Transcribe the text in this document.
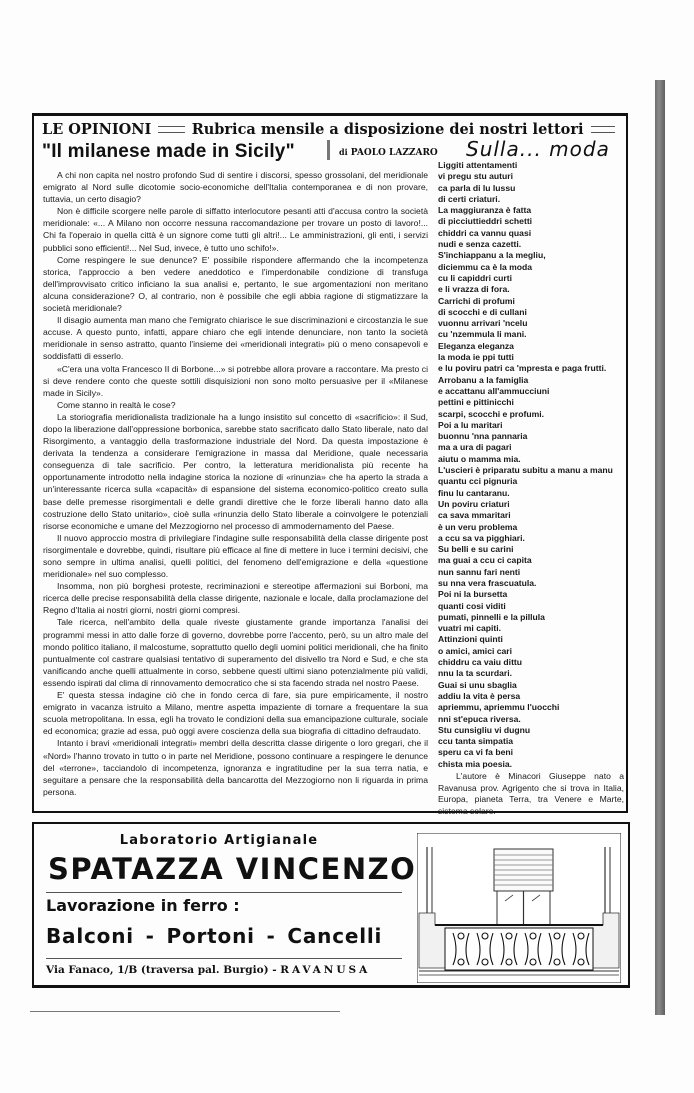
LE OPINIONI	Rubrica mensile a disposizione dei nostri lettori
"Il milanese made in Sicily"	di PAOLO LAZZARO Sulla... moda

A chi non capita nel nostro profondo Sud di sentire i discorsi, spesso grossolani, del meridionale emigrato al Nord sulle dicotomie socio-economiche dell'Italia contemporanea e di non provare, tuttavia, un certo disagio?

Non è difficile scorgere nelle parole di siffatto interlocutore pesanti atti d'accusa contro la società meridionale: «... A Milano non occorre nessuna raccomandazione per trovare un posto di lavoro!... Chi fa l'operaio in quella città è un signore come tutti gli altri!... Le amministrazioni, gli enti, i servizi pubblici sono efficienti!... Nel Sud, invece, è tutto uno schifo!».

Come respingere le sue denunce? E' possibile rispondere affermando che la incompetenza storica, l'approccio a ben vedere aneddotico e l'imperdonabile condizione di transfuga dell'improvvisato critico inficiano la sua analisi e, pertanto, le sue argomentazioni non meritano alcuna considerazione? O, al contrario, non è possibile che egli abbia ragione di stigmatizzare la società meridionale?

Il disagio aumenta man mano che l'emigrato chiarisce le sue discriminazioni e circostanzia le sue accuse. A questo punto, infatti, appare chiaro che egli intende denunciare, non tanto la società meridionale in senso astratto, quanto l'insieme dei «meridionali integrati» più o meno consapevoli e soddisfatti di esserlo.

«C'era una volta Francesco II di Borbone...» si potrebbe allora provare a raccontare. Ma presto ci si deve rendere conto che queste sottili disquisizioni non sono molto persuasive per il «Milanese made in Sicily».

Come stanno in realtà le cose?

La storiografia meridionalista tradizionale ha a lungo insistito sul concetto di «sacrificio»: il Sud, dopo la liberazione dall'oppressione borbonica, sarebbe stato sacrificato dallo Stato liberale, nato dal Risorgimento, a vantaggio della trasformazione industriale del Nord. Da questa impostazione è derivata la tendenza a considerare l'emigrazione in massa dal Meridione, quale necessaria conseguenza di tale sacrificio. Per contro, la letteratura meridionalista più recente ha opportunamente introdotto nella indagine storica la nozione di «rinunzia» che ha aperto la strada a un'interessante ricerca sulla «capacità» di espansione del sistema economico-politico creato sulla base delle premesse risorgimentali e delle grandi direttive che le forze liberali hanno dato alla costruzione dello Stato unitario», cioè sulla «rinunzia dello Stato liberale a coinvolgere le potenziali risorse economiche e umane del Mezzogiorno nel processo di ammodernamento del Paese.

Il nuovo approccio mostra di privilegiare l'indagine sulle responsabilità della classe dirigente post risorgimentale e dovrebbe, quindi, risultare più efficace al fine di mettere in luce i termini decisivi, che sono sempre in ultima analisi, quelli politici, del fenomeno dell'emigrazione e della «questione meridionale» nel suo complesso.

Insomma, non più borghesi proteste, recriminazioni e stereotipe affermazioni sui Borboni, ma ricerca delle precise responsabilità della classe dirigente, nazionale e locale, dalla proclamazione del Regno d'Italia ai nostri giorni, nostri giorni compresi.

Tale ricerca, nell'ambito della quale riveste giustamente grande importanza l'analisi dei programmi messi in atto dalle forze di governo, dovrebbe porre l'accento, però, su un altro male del mondo politico italiano, il malcostume, soprattutto quello degli uomini politici meridionali, che ha finito puntualmente col castrare qualsiasi tentativo di superamento del disivello tra Nord e Sud, e che sta vanificando anche quelli attualmente in corso, sebbene questi ultimi siano potenzialmente più validi, essendo ispirati dal clima di rinnovamento democratico che si sta facendo strada nel nostro Paese.

E' questa stessa indagine ciò che in fondo cerca di fare, sia pure empiricamente, il nostro emigrato in vacanza istruito a Milano, mentre aspetta impaziente di tornare a frequentare la sua scuola metropolitana. In essa, egli ha trovato le condizioni della sua emancipazione culturale, sociale ed economica; grazie ad essa, può oggi avere coscienza della sua biografia di cittadino defraudato.

Intanto i bravi «meridionali integrati» membri della descritta classe dirigente o loro gregari, che il «Nord» l'hanno trovato in tutto o in parte nel Meridione, possono continuare a respingere le denunce del «terrone», tacciandolo di incompetenza, ignoranza e ingratitudine per la sua terra natia, e seguitare a pensare che la responsabilità della bancarotta del Mezzogiorno non li riguarda in prima persona.

Liggiti attentamenti
vi pregu stu auturi
ca parla di lu lussu
di certi criaturi.
La maggiuranza è fatta
di picciuttieddri schetti
chiddri ca vannu quasi
nudi e senza cazetti.
S'inchiappanu a la megliu,
diciemmu ca è la moda
cu li capiddri curti
e li vrazza di fora.
Carrichi di profumi
di scocchi e di cullani
vuonnu arrivari 'ncelu
cu 'nzemmula li mani.
Eleganza eleganza
la moda ie ppi tutti
e lu poviru patri ca 'mpresta e paga frutti.
Arrobanu a la famiglia
e accattanu all'ammucciuni
pettini e pittinicchi
scarpi, scocchi e profumi.
Poi a lu maritari
buonnu 'nna pannaria
ma a ura di pagari
aiutu o mamma mia.
L'uscieri è priparatu subitu a manu a manu
quantu cci pignuria
finu lu cantaranu.
Un poviru criaturi
ca sava mmaritari
è un veru problema
a ccu sa va pigghiari.
Su belli e su carini
ma guai a ccu ci capita
nun sannu fari nenti
su nna vera frascuatula.
Poi ni la bursetta
quanti cosi viditi
pumati, pinnelli e la pillula
vuatri mi capiti.
Attinzioni quinti
o amici, amici cari
chiddru ca vaiu dittu
nnu la ta scurdari.
Guai si unu sbaglia
addiu la vita è persa
apriemmu, apriemmu l'uocchi
nni st'epuca riversa.
Stu cunsigliu vi dugnu
ccu tanta simpatia
speru ca vi fa beni
chista mia poesia.
L'autore è Minacori Giuseppe nato a Ravanusa prov. Agrigento che si trova in Italia, Europa, pianeta Terra, tra Venere e Marte, sistema solare.
Laboratorio Artigianale
SPATAZZA VINCENZO
Lavorazione in ferro :
Balconi - Portoni - Cancelli
Via Fanaco, 1/B (traversa pal. Burgio) - RAVANUSA
